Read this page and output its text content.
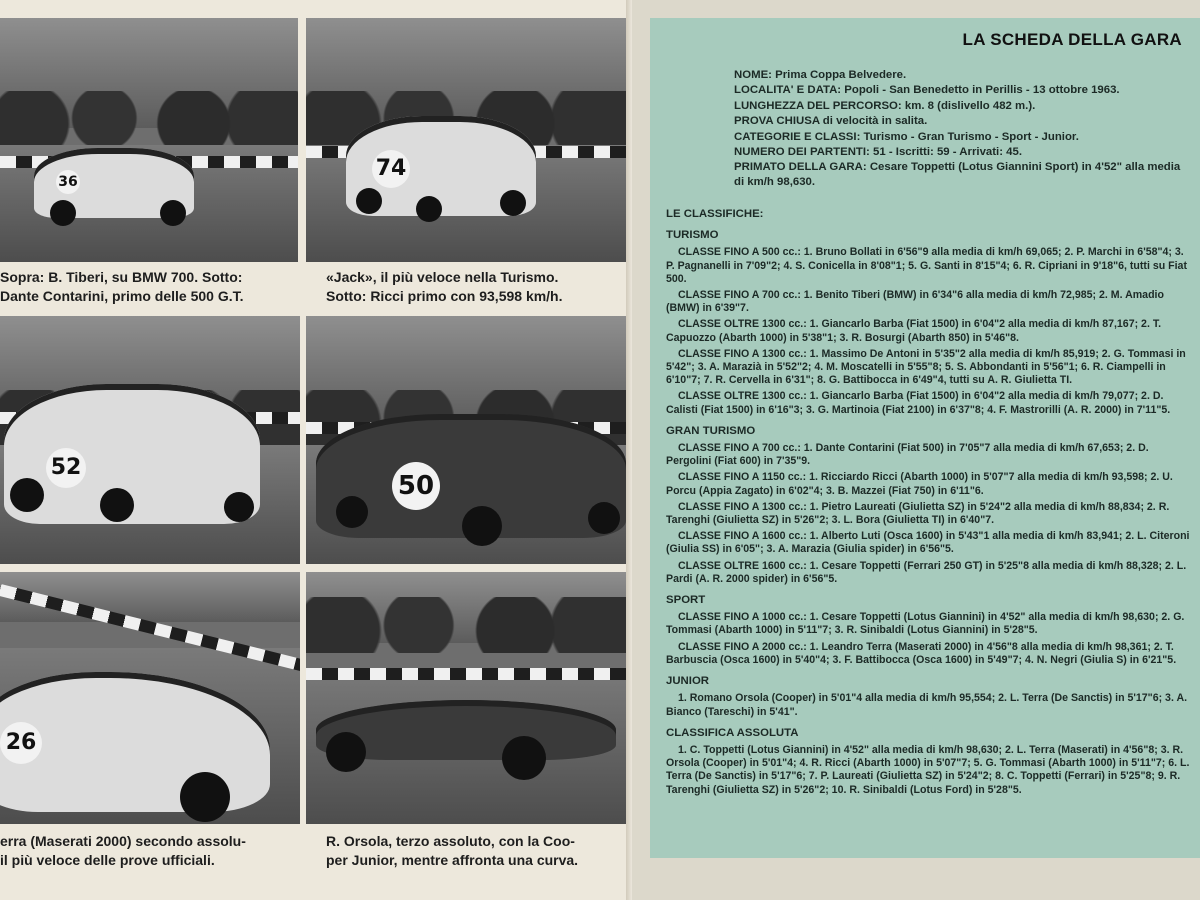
36
74
Sopra: B. Tiberi, su BMW 700. Sotto:
Dante Contarini, primo delle 500 G.T.
«Jack», il più veloce nella Turismo.
Sotto: Ricci primo con 93,598 km/h.
52
50
26
erra (Maserati 2000) secondo assolu-
il più veloce delle prove ufficiali.
R. Orsola, terzo assoluto, con la Coo-
per Junior, mentre affronta una curva.
LA SCHEDA DELLA GARA
NOME: Prima Coppa Belvedere.
LOCALITA' E DATA: Popoli - San Benedetto in Perillis - 13 ottobre 1963.
LUNGHEZZA DEL PERCORSO: km. 8 (dislivello 482 m.).
PROVA CHIUSA di velocità in salita.
CATEGORIE E CLASSI: Turismo - Gran Turismo - Sport - Junior.
NUMERO DEI PARTENTI: 51 - Iscritti: 59 - Arrivati: 45.
PRIMATO DELLA GARA: Cesare Toppetti (Lotus Giannini Sport) in 4'52" alla media di km/h 98,630.
LE CLASSIFICHE:
TURISMO
CLASSE FINO A 500 cc.: 1. Bruno Bollati in 6'56"9 alla media di km/h 69,065; 2. P. Marchi in 6'58"4; 3. P. Pagnanelli in 7'09"2; 4. S. Conicella in 8'08"1; 5. G. Santi in 8'15"4; 6. R. Cipriani in 9'18"6, tutti su Fiat 500.
CLASSE FINO A 700 cc.: 1. Benito Tiberi (BMW) in 6'34"6 alla media di km/h 72,985; 2. M. Amadio (BMW) in 6'39"7.
CLASSE OLTRE 1300 cc.: 1. Giancarlo Barba (Fiat 1500) in 6'04"2 alla media di km/h 87,167; 2. T. Capuozzo (Abarth 1000) in 5'38"1; 3. R. Bosurgi (Abarth 850) in 5'46"8.
CLASSE FINO A 1300 cc.: 1. Massimo De Antoni in 5'35"2 alla media di km/h 85,919; 2. G. Tommasi in 5'42"; 3. A. Marazià in 5'52"2; 4. M. Moscatelli in 5'55"8; 5. S. Abbondanti in 5'56"1; 6. R. Ciampelli in 6'10"7; 7. R. Cervella in 6'31"; 8. G. Battibocca in 6'49"4, tutti su A. R. Giulietta TI.
CLASSE OLTRE 1300 cc.: 1. Giancarlo Barba (Fiat 1500) in 6'04"2 alla media di km/h 79,077; 2. D. Calisti (Fiat 1500) in 6'16"3; 3. G. Martinoia (Fiat 2100) in 6'37"8; 4. F. Mastrorilli (A. R. 2000) in 7'11"5.
GRAN TURISMO
CLASSE FINO A 700 cc.: 1. Dante Contarini (Fiat 500) in 7'05"7 alla media di km/h 67,653; 2. D. Pergolini (Fiat 600) in 7'35"9.
CLASSE FINO A 1150 cc.: 1. Ricciardo Ricci (Abarth 1000) in 5'07"7 alla media di km/h 93,598; 2. U. Porcu (Appia Zagato) in 6'02"4; 3. B. Mazzei (Fiat 750) in 6'11"6.
CLASSE FINO A 1300 cc.: 1. Pietro Laureati (Giulietta SZ) in 5'24"2 alla media di km/h 88,834; 2. R. Tarenghi (Giulietta SZ) in 5'26"2; 3. L. Bora (Giulietta TI) in 6'40"7.
CLASSE FINO A 1600 cc.: 1. Alberto Luti (Osca 1600) in 5'43"1 alla media di km/h 83,941; 2. L. Citeroni (Giulia SS) in 6'05"; 3. A. Marazia (Giulia spider) in 6'56"5.
CLASSE OLTRE 1600 cc.: 1. Cesare Toppetti (Ferrari 250 GT) in 5'25"8 alla media di km/h 88,328; 2. L. Pardi (A. R. 2000 spider) in 6'56"5.
SPORT
CLASSE FINO A 1000 cc.: 1. Cesare Toppetti (Lotus Giannini) in 4'52" alla media di km/h 98,630; 2. G. Tommasi (Abarth 1000) in 5'11"7; 3. R. Sinibaldi (Lotus Giannini) in 5'28"5.
CLASSE FINO A 2000 cc.: 1. Leandro Terra (Maserati 2000) in 4'56"8 alla media di km/h 98,361; 2. T. Barbuscia (Osca 1600) in 5'40"4; 3. F. Battibocca (Osca 1600) in 5'49"7; 4. N. Negri (Giulia S) in 6'21"5.
JUNIOR
1. Romano Orsola (Cooper) in 5'01"4 alla media di km/h 95,554; 2. L. Terra (De Sanctis) in 5'17"6; 3. A. Bianco (Tareschi) in 5'41".
CLASSIFICA ASSOLUTA
1. C. Toppetti (Lotus Giannini) in 4'52" alla media di km/h 98,630; 2. L. Terra (Maserati) in 4'56"8; 3. R. Orsola (Cooper) in 5'01"4; 4. R. Ricci (Abarth 1000) in 5'07"7; 5. G. Tommasi (Abarth 1000) in 5'11"7; 6. L. Terra (De Sanctis) in 5'17"6; 7. P. Laureati (Giulietta SZ) in 5'24"2; 8. C. Toppetti (Ferrari) in 5'25"8; 9. R. Tarenghi (Giulietta SZ) in 5'26"2; 10. R. Sinibaldi (Lotus Ford) in 5'28"5.
